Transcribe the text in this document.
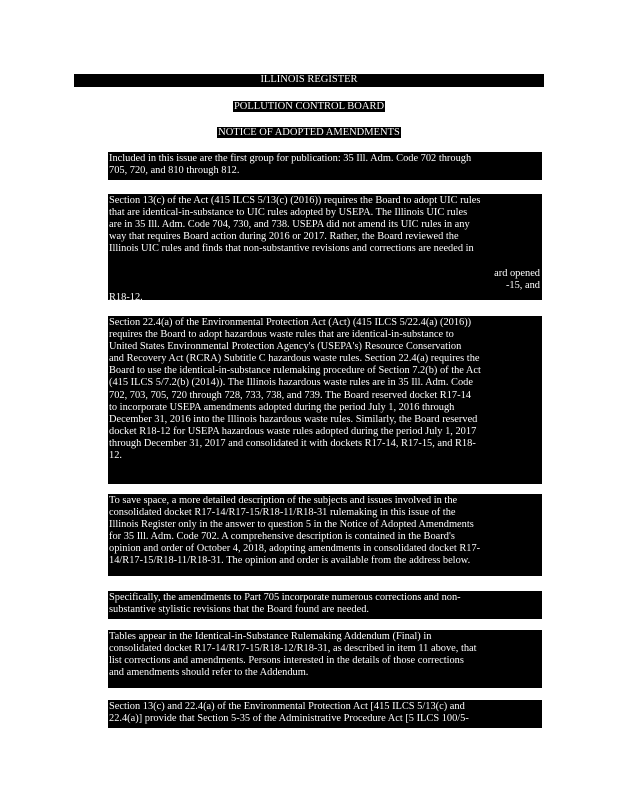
ILLINOIS REGISTER
POLLUTION CONTROL BOARD
NOTICE OF ADOPTED AMENDMENTS
Included in this issue are the first group for publication: 35 Ill. Adm. Code 702 through
705, 720, and 810 through 812.
Section 13(c) of the Act (415 ILCS 5/13(c) (2016)) requires the Board to adopt UIC rules
that are identical-in-substance to UIC rules adopted by USEPA. The Illinois UIC rules
are in 35 Ill. Adm. Code 704, 730, and 738. USEPA did not amend its UIC rules in any
way that requires Board action during 2016 or 2017. Rather, the Board reviewed the
Illinois UIC rules and finds that non-substantive revisions and corrections are needed in

ard opened
-15, and
R18-12.
Section 22.4(a) of the Environmental Protection Act (Act) (415 ILCS 5/22.4(a) (2016))
requires the Board to adopt hazardous waste rules that are identical-in-substance to
United States Environmental Protection Agency's (USEPA's) Resource Conservation
and Recovery Act (RCRA) Subtitle C hazardous waste rules. Section 22.4(a) requires the
Board to use the identical-in-substance rulemaking procedure of Section 7.2(b) of the Act
(415 ILCS 5/7.2(b) (2014)). The Illinois hazardous waste rules are in 35 Ill. Adm. Code
702, 703, 705, 720 through 728, 733, 738, and 739. The Board reserved docket R17-14
to incorporate USEPA amendments adopted during the period July 1, 2016 through
December 31, 2016 into the Illinois hazardous waste rules. Similarly, the Board reserved
docket R18-12 for USEPA hazardous waste rules adopted during the period July 1, 2017
through December 31, 2017 and consolidated it with dockets R17-14, R17-15, and R18-
12.
To save space, a more detailed description of the subjects and issues involved in the
consolidated docket R17-14/R17-15/R18-11/R18-31 rulemaking in this issue of the
Illinois Register only in the answer to question 5 in the Notice of Adopted Amendments
for 35 Ill. Adm. Code 702. A comprehensive description is contained in the Board's
opinion and order of October 4, 2018, adopting amendments in consolidated docket R17-
14/R17-15/R18-11/R18-31. The opinion and order is available from the address below.
Specifically, the amendments to Part 705 incorporate numerous corrections and non-
substantive stylistic revisions that the Board found are needed.
Tables appear in the Identical-in-Substance Rulemaking Addendum (Final) in
consolidated docket R17-14/R17-15/R18-12/R18-31, as described in item 11 above, that
list corrections and amendments. Persons interested in the details of those corrections
and amendments should refer to the Addendum.
Section 13(c) and 22.4(a) of the Environmental Protection Act [415 ILCS 5/13(c) and
22.4(a)] provide that Section 5-35 of the Administrative Procedure Act [5 ILCS 100/5-
